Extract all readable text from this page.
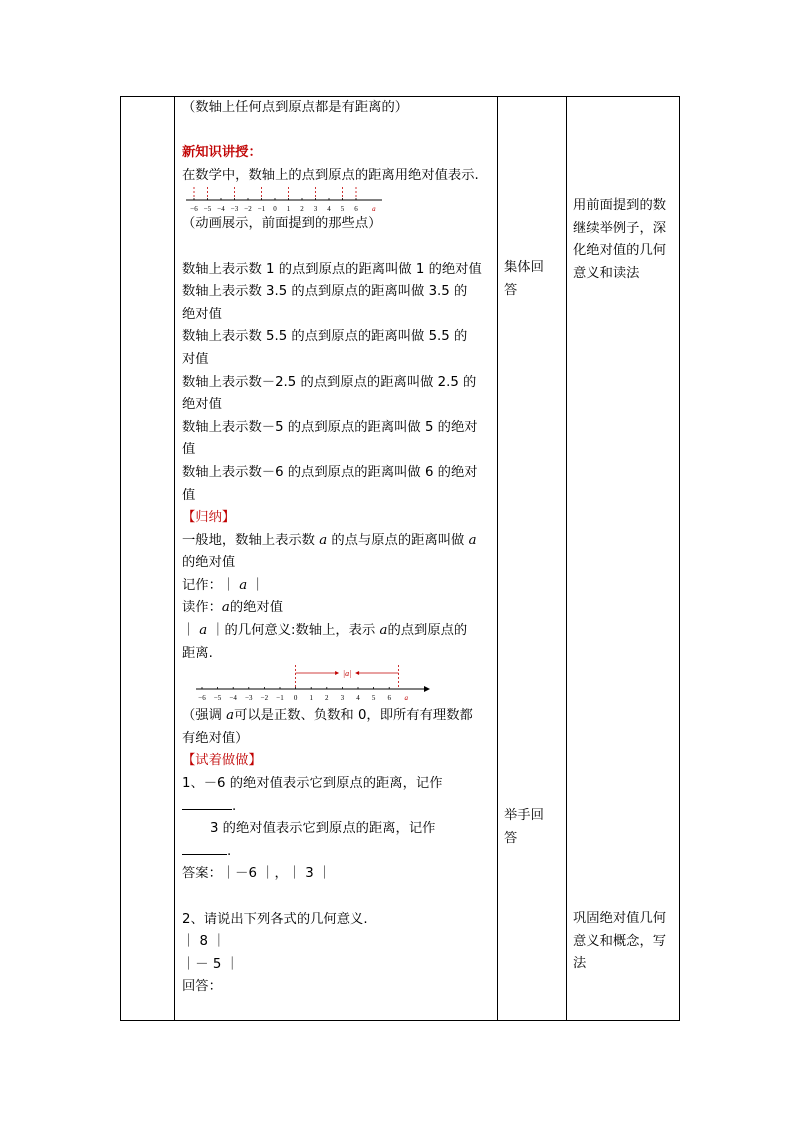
（数轴上任何点到原点都是有距离的）
新知识讲授：
在数学中，数轴上的点到原点的距离用绝对值表示.
−6 −5 −4 −3 −2 −1 0 1 2 3 4 5 6 a
（动画展示，前面提到的那些点）
数轴上表示数 1 的点到原点的距离叫做 1 的绝对值
数轴上表示数 3.5 的点到原点的距离叫做 3.5 的
绝对值
数轴上表示数 5.5 的点到原点的距离叫做 5.5 的
对值
数轴上表示数－2.5 的点到原点的距离叫做 2.5 的
绝对值
数轴上表示数－5 的点到原点的距离叫做 5 的绝对
值
数轴上表示数－6 的点到原点的距离叫做 6 的绝对
值
【归纳】
一般地，数轴上表示数 a 的点与原点的距离叫做 a
的绝对值
记作：｜ a ｜
读作：a的绝对值
｜ a ｜的几何意义:数轴上，表示 a的点到原点的
距离.
−6 −5 −4 −3 −2 −1 0 1 2 3 4 5 6 a
|a|
（强调 a可以是正数、负数和 0，即所有有理数都
有绝对值）
【试着做做】
1、－6 的绝对值表示它到原点的距离，记作
.
3 的绝对值表示它到原点的距离，记作
.
答案：｜－6 ｜，｜ 3 ｜
2、请说出下列各式的几何意义.
｜ 8 ｜
｜－ 5 ｜
回答：
集体回
答
举手回
答
用前面提到的数
继续举例子，深
化绝对值的几何
意义和读法
巩固绝对值几何
意义和概念，写
法
